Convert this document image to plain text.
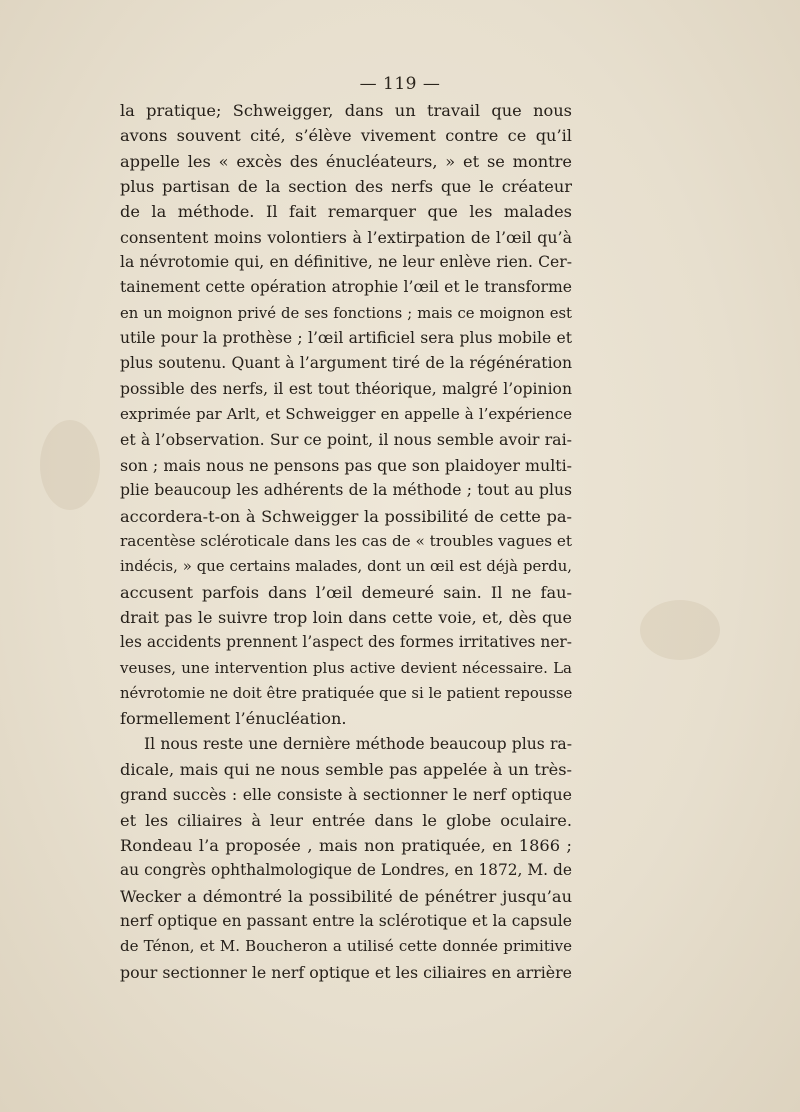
— 119 —
la pratique; Schweigger, dans un travail que nous
avons souvent cité, s’élève vivement contre ce qu’il
appelle les « excès des énucléateurs, » et se montre
plus partisan de la section des nerfs que le créateur
de la méthode. Il fait remarquer que les malades
consentent moins volontiers à l’extirpation de l’œil qu’à
la névrotomie qui, en définitive, ne leur enlève rien. Cer-
tainement cette opération atrophie l’œil et le transforme
en un moignon privé de ses fonctions ; mais ce moignon est
utile pour la prothèse ; l’œil artificiel sera plus mobile et
plus soutenu. Quant à l’argument tiré de la régénération
possible des nerfs, il est tout théorique, malgré l’opinion
exprimée par Arlt, et Schweigger en appelle à l’expérience
et à l’observation. Sur ce point, il nous semble avoir rai-
son ; mais nous ne pensons pas que son plaidoyer multi-
plie beaucoup les adhérents de la méthode ; tout au plus
accordera-t-on à Schweigger la possibilité de cette pa-
racentèse scléroticale dans les cas de « troubles vagues et
indécis, » que certains malades, dont un œil est déjà perdu,
accusent parfois dans l’œil demeuré sain. Il ne fau-
drait pas le suivre trop loin dans cette voie, et, dès que
les accidents prennent l’aspect des formes irritatives ner-
veuses, une intervention plus active devient nécessaire. La
névrotomie ne doit être pratiquée que si le patient repousse
formellement l’énucléation.
Il nous reste une dernière méthode beaucoup plus ra-
dicale, mais qui ne nous semble pas appelée à un très-
grand succès : elle consiste à sectionner le nerf optique
et les ciliaires à leur entrée dans le globe oculaire.
Rondeau l’a proposée , mais non pratiquée, en 1866 ;
au congrès ophthalmologique de Londres, en 1872, M. de
Wecker a démontré la possibilité de pénétrer jusqu’au
nerf optique en passant entre la sclérotique et la capsule
de Ténon, et M. Boucheron a utilisé cette donnée primitive
pour sectionner le nerf optique et les ciliaires en arrière
